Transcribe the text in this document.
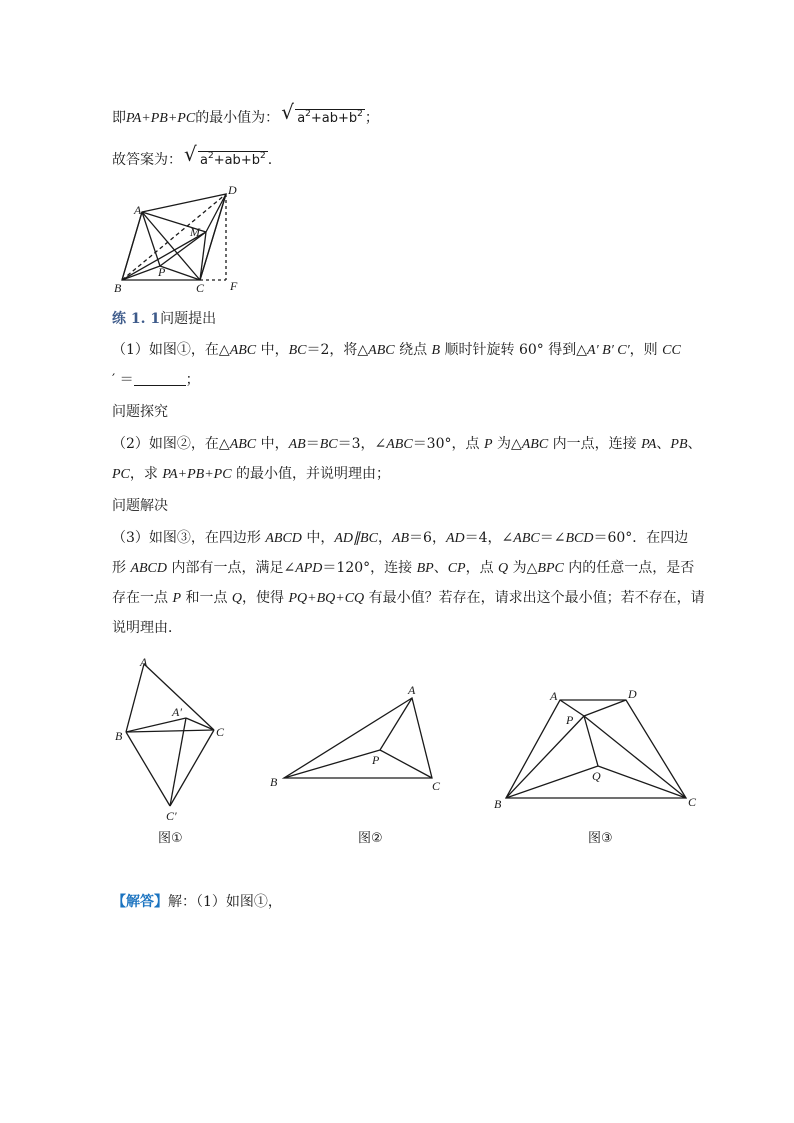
即PA+PB+PC的最小值为： √ $a^2+ab+b^2$ ；
故答案为： √ $a^2+ab+b^2$ .
A
B	C
D
M
P
F
练 1. 1问题提出
（1）如图①，在△ABC 中，BC＝2，将△ABC 绕点 B 顺时针旋转 60° 得到△A′ B′ C′，则 CC
′ ＝	；
问题探究
（2）如图②，在△ABC 中，AB＝BC＝3，∠ABC＝30°，点 P 为△ABC 内一点，连接 PA、PB、
PC，求 PA+PB+PC 的最小值，并说明理由；
问题解决
（3）如图③，在四边形 ABCD 中，AD∥BC，AB＝6，AD＝4，∠ABC＝∠BCD＝60°．在四边
形 ABCD 内部有一点，满足∠APD＝120°，连接 BP、CP，点 Q 为△BPC 内的任意一点，是否
存在一点 P 和一点 Q，使得 PQ+BQ+CQ 有最小值？若存在，请求出这个最小值；若不存在，请
说明理由．
A
B	C
A′
C′
图①
A
B	C
P
图②
A	D
P
Q
B	C
图③
【解答】解：（1）如图①，
